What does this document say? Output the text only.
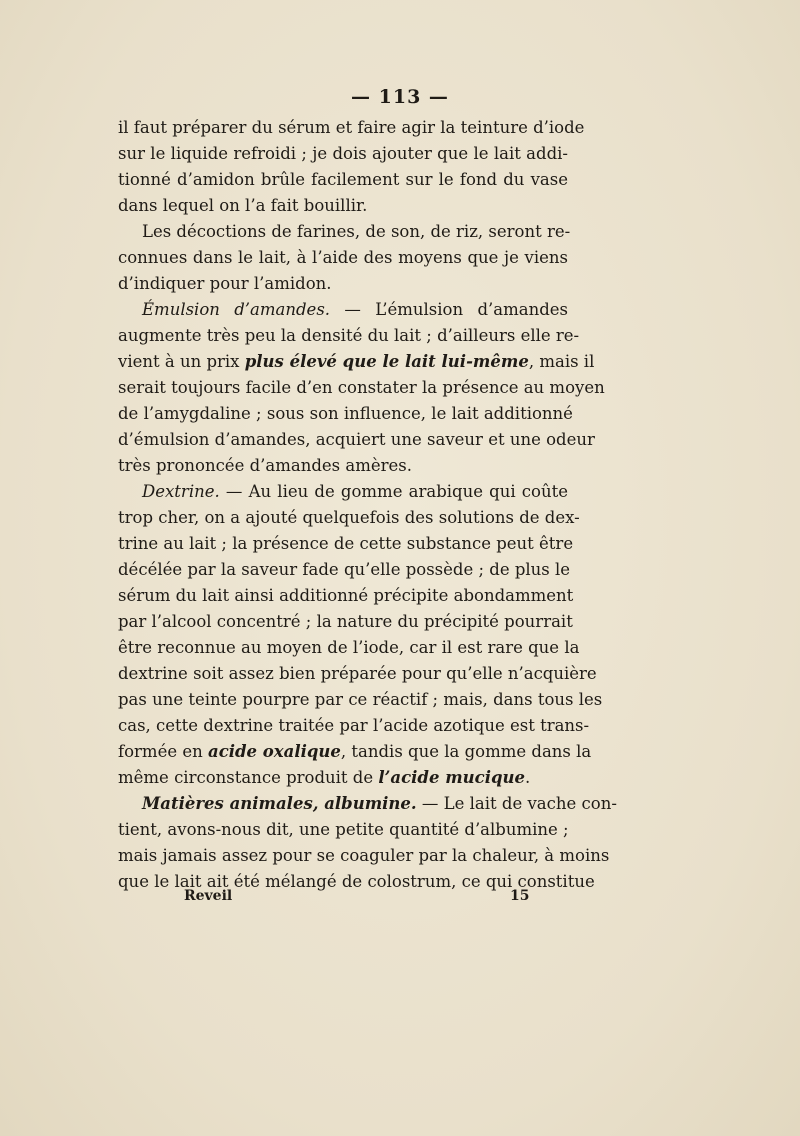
— 113 —
il faut préparer du sérum et faire agir la teinture d’iode
sur le liquide refroidi ; je dois ajouter que le lait addi-
tionné d’amidon brûle facilement sur le fond du vase
dans lequel on l’a fait bouillir.
Les décoctions de farines, de son, de riz, seront re-
connues dans le lait, à l’aide des moyens que je viens
d’indiquer pour l’amidon.
Émulsion d’amandes. — L’émulsion d’amandes
augmente très peu la densité du lait ; d’ailleurs elle re-
vient à un prix plus élevé que le lait lui-même, mais il
serait toujours facile d’en constater la présence au moyen
de l’amygdaline ; sous son influence, le lait additionné
d’émulsion d’amandes, acquiert une saveur et une odeur
très prononcée d’amandes amères.
Dextrine. — Au lieu de gomme arabique qui coûte
trop cher, on a ajouté quelquefois des solutions de dex-
trine au lait ; la présence de cette substance peut être
décélée par la saveur fade qu’elle possède ; de plus le
sérum du lait ainsi additionné précipite abondamment
par l’alcool concentré ; la nature du précipité pourrait
être reconnue au moyen de l’iode, car il est rare que la
dextrine soit assez bien préparée pour qu’elle n’acquière
pas une teinte pourpre par ce réactif ; mais, dans tous les
cas, cette dextrine traitée par l’acide azotique est trans-
formée en acide oxalique, tandis que la gomme dans la
même circonstance produit de l’acide mucique.
Matières animales, albumine. — Le lait de vache con-
tient, avons-nous dit, une petite quantité d’albumine ;
mais jamais assez pour se coaguler par la chaleur, à moins
que le lait ait été mélangé de colostrum, ce qui constitue
Reveil	15
